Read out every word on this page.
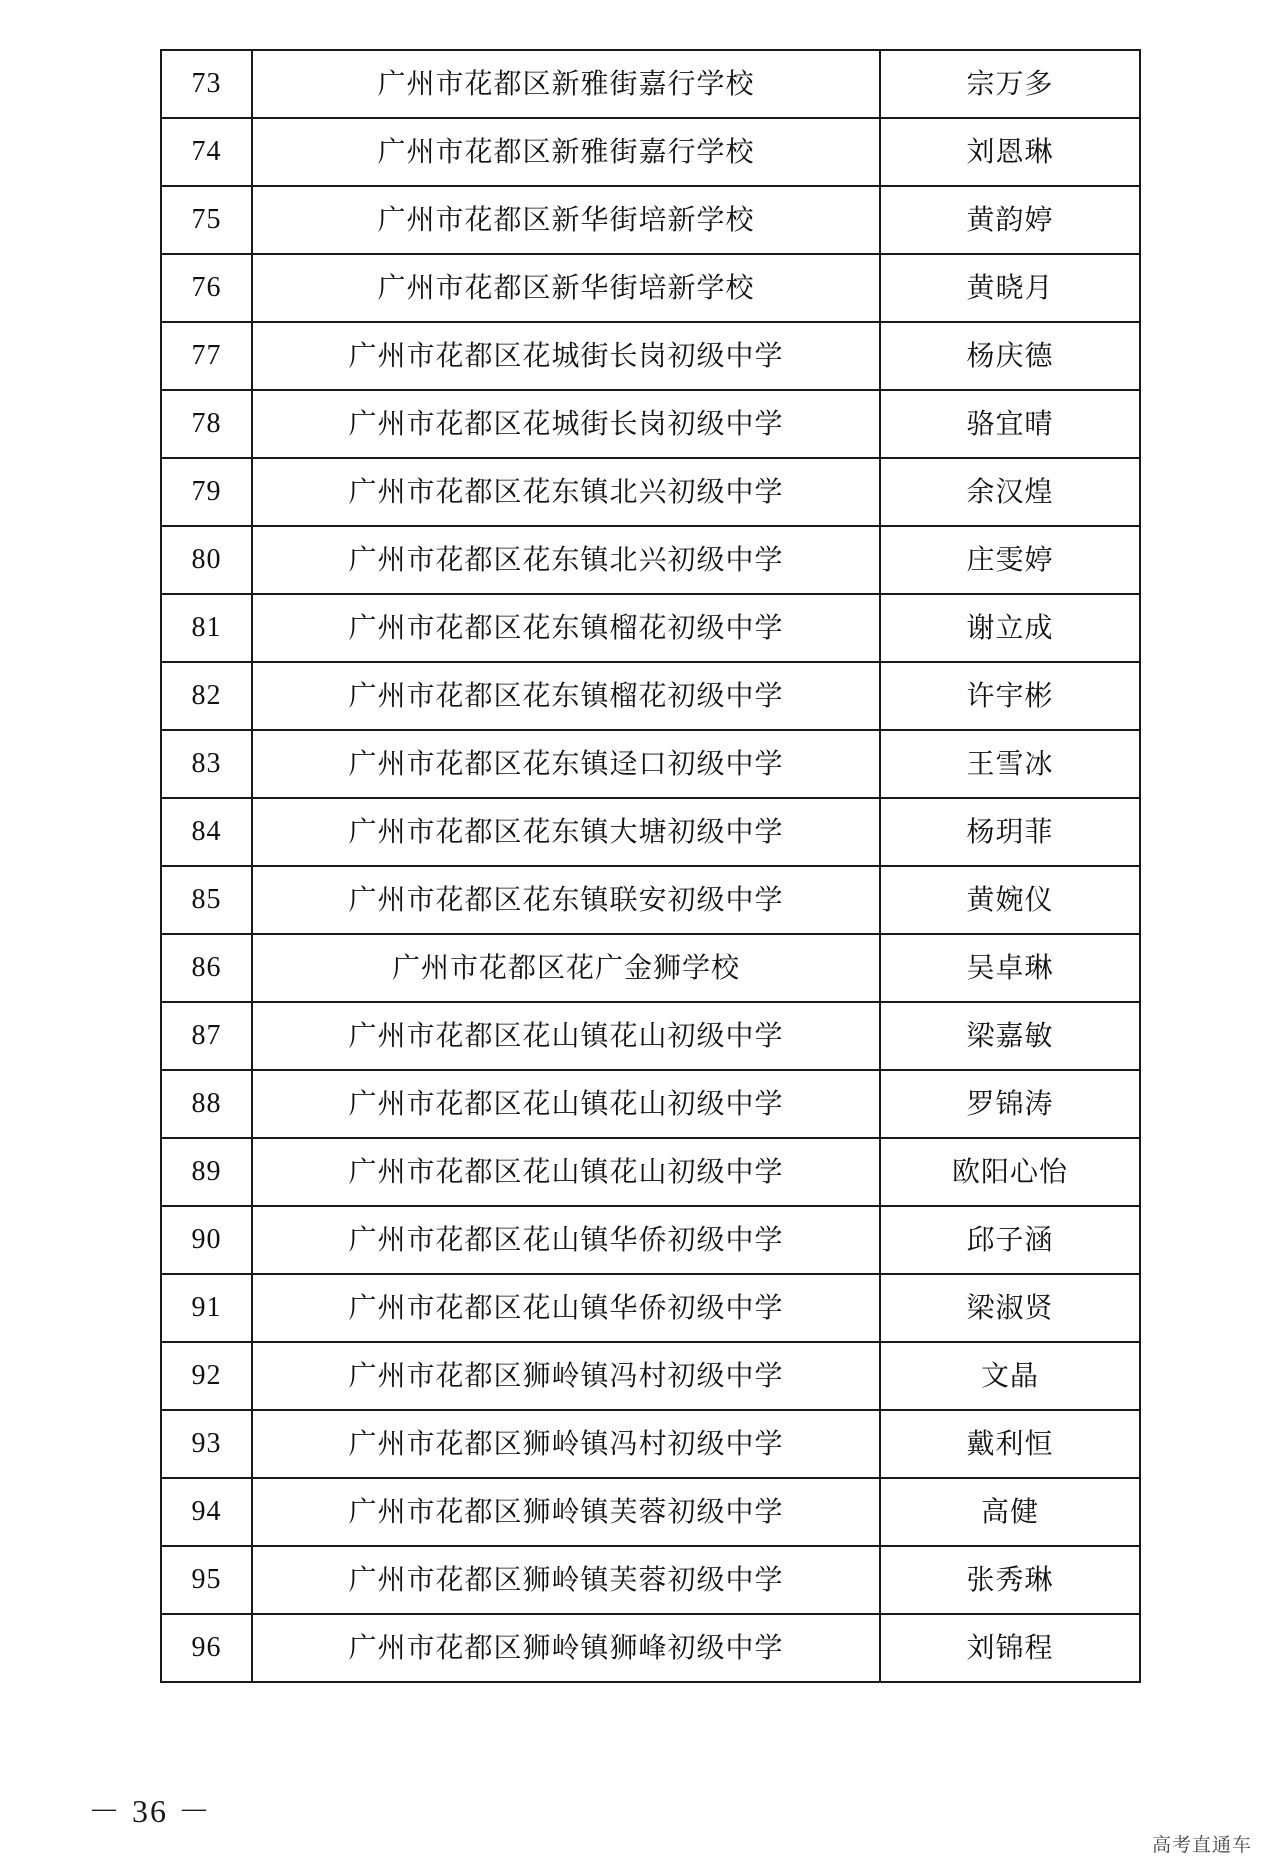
73	广州市花都区新雅街嘉行学校	宗万多
74	广州市花都区新雅街嘉行学校	刘恩琳
75	广州市花都区新华街培新学校	黄韵婷
76	广州市花都区新华街培新学校	黄晓月
77	广州市花都区花城街长岗初级中学	杨庆德
78	广州市花都区花城街长岗初级中学	骆宜晴
79	广州市花都区花东镇北兴初级中学	余汉煌
80	广州市花都区花东镇北兴初级中学	庄雯婷
81	广州市花都区花东镇榴花初级中学	谢立成
82	广州市花都区花东镇榴花初级中学	许宇彬
83	广州市花都区花东镇迳口初级中学	王雪冰
84	广州市花都区花东镇大塘初级中学	杨玥菲
85	广州市花都区花东镇联安初级中学	黄婉仪
86	广州市花都区花广金狮学校	吴卓琳
87	广州市花都区花山镇花山初级中学	梁嘉敏
88	广州市花都区花山镇花山初级中学	罗锦涛
89	广州市花都区花山镇花山初级中学	欧阳心怡
90	广州市花都区花山镇华侨初级中学	邱子涵
91	广州市花都区花山镇华侨初级中学	梁淑贤
92	广州市花都区狮岭镇冯村初级中学	文晶
93	广州市花都区狮岭镇冯村初级中学	戴利恒
94	广州市花都区狮岭镇芙蓉初级中学	高健
95	广州市花都区狮岭镇芙蓉初级中学	张秀琳
96	广州市花都区狮岭镇狮峰初级中学	刘锦程
－ 36 －
高考直通车
